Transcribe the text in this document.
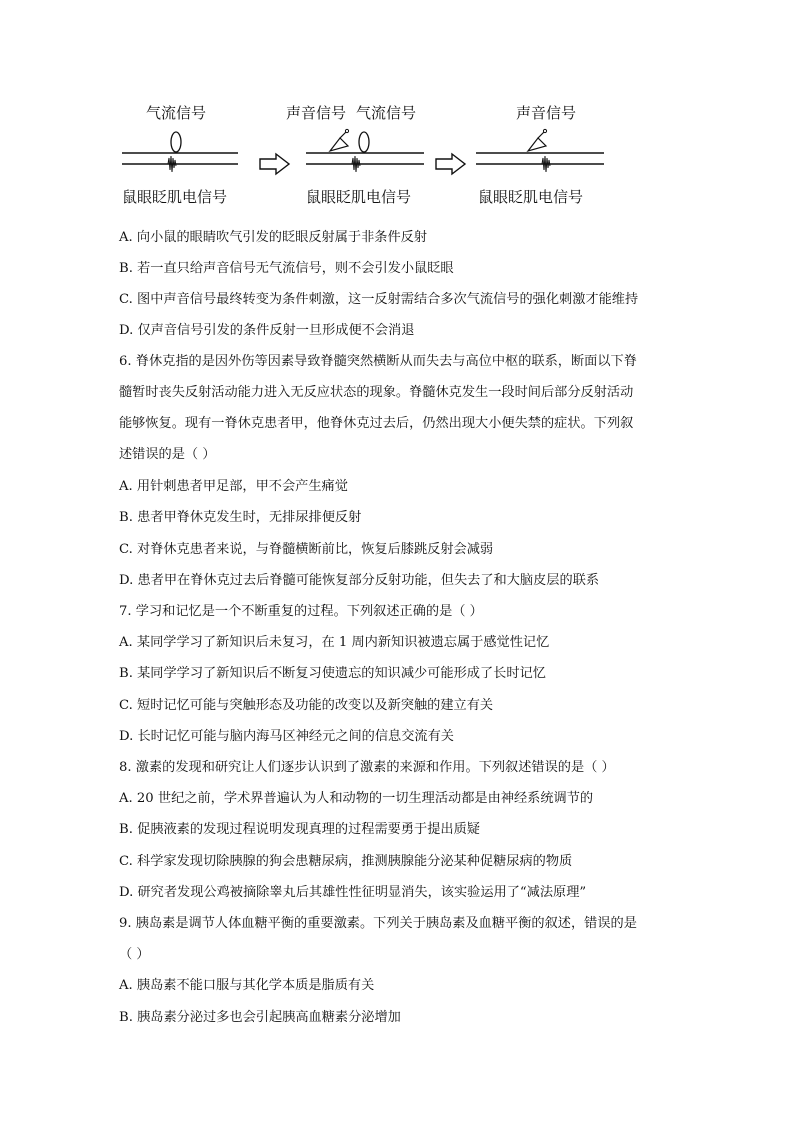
气流信号
鼠眼眨肌电信号
声音信号 气流信号
鼠眼眨肌电信号
声音信号
鼠眼眨肌电信号
A. 向小鼠的眼睛吹气引发的眨眼反射属于非条件反射
B. 若一直只给声音信号无气流信号，则不会引发小鼠眨眼
C. 图中声音信号最终转变为条件刺激，这一反射需结合多次气流信号的强化刺激才能维持
D. 仅声音信号引发的条件反射一旦形成便不会消退
6. 脊休克指的是因外伤等因素导致脊髓突然横断从而失去与高位中枢的联系，断面以下脊
髓暂时丧失反射活动能力进入无反应状态的现象。脊髓休克发生一段时间后部分反射活动
能够恢复。现有一脊休克患者甲，他脊休克过去后，仍然出现大小便失禁的症状。下列叙
述错误的是（ ）
A. 用针刺患者甲足部，甲不会产生痛觉
B. 患者甲脊休克发生时，无排尿排便反射
C. 对脊休克患者来说，与脊髓横断前比，恢复后膝跳反射会减弱
D. 患者甲在脊休克过去后脊髓可能恢复部分反射功能，但失去了和大脑皮层的联系
7. 学习和记忆是一个不断重复的过程。下列叙述正确的是（ ）
A. 某同学学习了新知识后未复习，在 1 周内新知识被遗忘属于感觉性记忆
B. 某同学学习了新知识后不断复习使遗忘的知识减少可能形成了长时记忆
C. 短时记忆可能与突触形态及功能的改变以及新突触的建立有关
D. 长时记忆可能与脑内海马区神经元之间的信息交流有关
8. 激素的发现和研究让人们逐步认识到了激素的来源和作用。下列叙述错误的是（ ）
A. 20 世纪之前，学术界普遍认为人和动物的一切生理活动都是由神经系统调节的
B. 促胰液素的发现过程说明发现真理的过程需要勇于提出质疑
C. 科学家发现切除胰腺的狗会患糖尿病，推测胰腺能分泌某种促糖尿病的物质
D. 研究者发现公鸡被摘除睾丸后其雄性性征明显消失，该实验运用了“减法原理”
9. 胰岛素是调节人体血糖平衡的重要激素。下列关于胰岛素及血糖平衡的叙述，错误的是
（ ）
A. 胰岛素不能口服与其化学本质是脂质有关
B. 胰岛素分泌过多也会引起胰高血糖素分泌增加
